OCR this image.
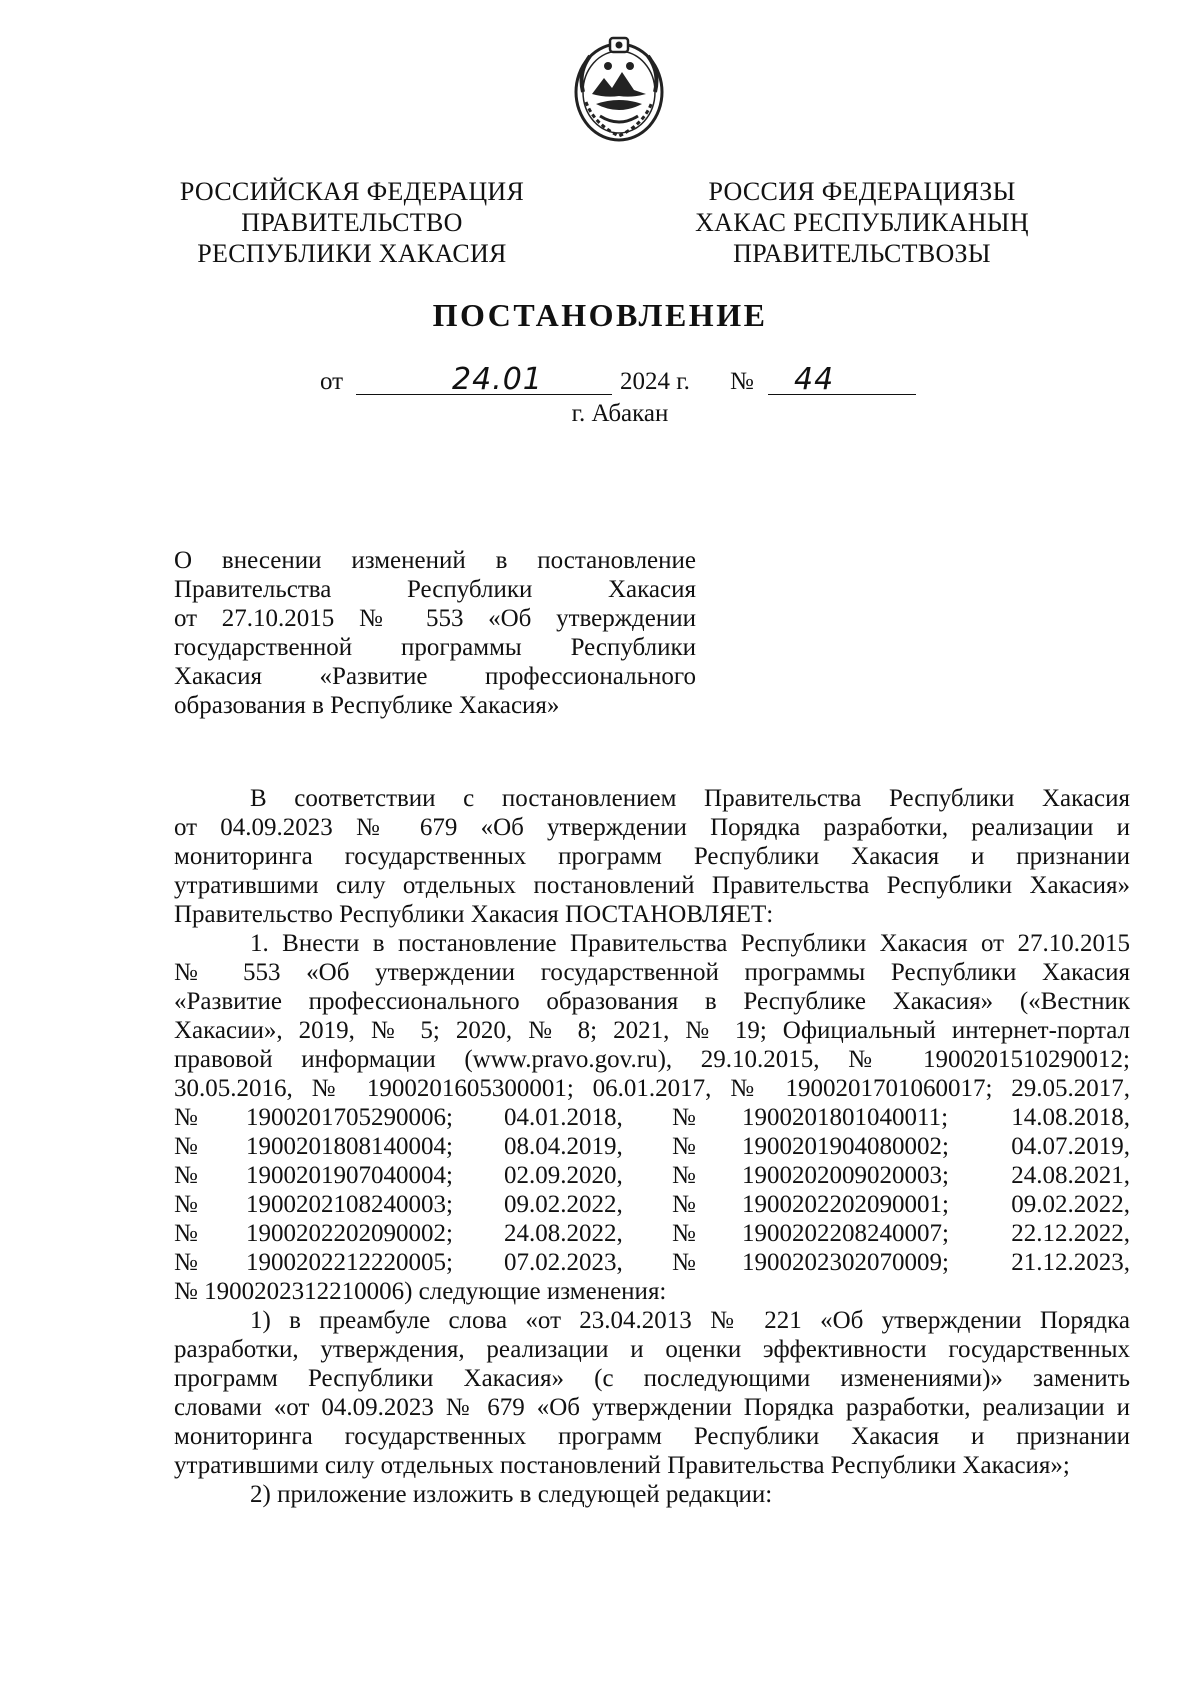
РОССИЙСКАЯ ФЕДЕРАЦИЯ
ПРАВИТЕЛЬСТВО
РЕСПУБЛИКИ ХАКАСИЯ
РОССИЯ ФЕДЕРАЦИЯЗЫ
ХАКАС РЕСПУБЛИКАНЫҢ
ПРАВИТЕЛЬСТВОЗЫ
ПОСТАНОВЛЕНИЕ
от	24.01	2024 г. № 44
г. Абакан
О внесении изменений в постановление
Правительства Республики Хакасия
от 27.10.2015 № 553 «Об утверждении
государственной программы Республики
Хакасия «Развитие профессионального
образования в Республике Хакасия»
В соответствии с постановлением Правительства Республики Хакасия
от 04.09.2023 № 679 «Об утверждении Порядка разработки, реализации и
мониторинга государственных программ Республики Хакасия и признании
утратившими силу отдельных постановлений Правительства Республики Хакасия»
Правительство Республики Хакасия ПОСТАНОВЛЯЕТ:
1. Внести в постановление Правительства Республики Хакасия от 27.10.2015
№ 553 «Об утверждении государственной программы Республики Хакасия
«Развитие профессионального образования в Республике Хакасия» («Вестник
Хакасии», 2019, № 5; 2020, № 8; 2021, № 19; Официальный интернет-портал
правовой информации (www.pravo.gov.ru), 29.10.2015, № 1900201510290012;
30.05.2016, № 1900201605300001; 06.01.2017, № 1900201701060017; 29.05.2017,
№ 1900201705290006; 04.01.2018, № 1900201801040011;	14.08.2018,
№ 1900201808140004; 08.04.2019, № 1900201904080002; 04.07.2019,
№ 1900201907040004; 02.09.2020, № 1900202009020003; 24.08.2021,
№ 1900202108240003; 09.02.2022, № 1900202202090001; 09.02.2022,
№ 1900202202090002; 24.08.2022, № 1900202208240007; 22.12.2022,
№ 1900202212220005; 07.02.2023, № 1900202302070009; 21.12.2023,
№ 1900202312210006) следующие изменения:
1) в преамбуле слова «от 23.04.2013 № 221 «Об утверждении Порядка
разработки, утверждения, реализации и оценки эффективности государственных
программ Республики Хакасия» (с последующими изменениями)» заменить
словами «от 04.09.2023 № 679 «Об утверждении Порядка разработки, реализации и
мониторинга государственных программ Республики Хакасия и признании
утратившими силу отдельных постановлений Правительства Республики Хакасия»;
2) приложение изложить в следующей редакции:
